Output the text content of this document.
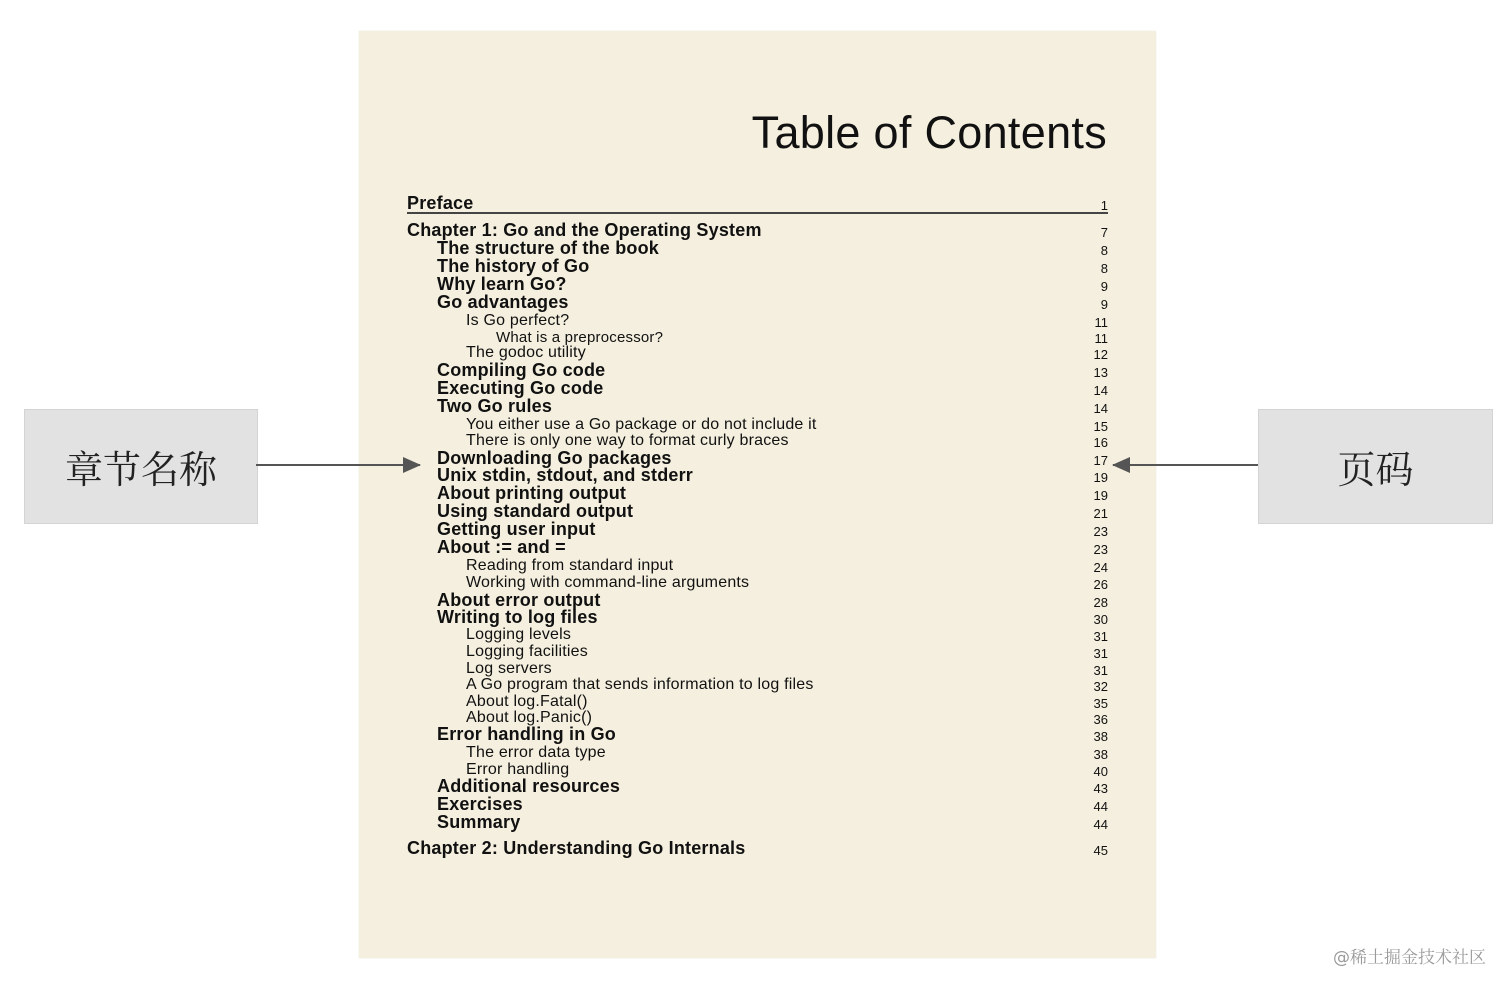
Table of Contents
Preface	1
Chapter 1: Go and the Operating System	7
The structure of the book	8
The history of Go	8
Why learn Go?	9
Go advantages	9
Is Go perfect?	11
What is a preprocessor?	11
The godoc utility	12
Compiling Go code	13
Executing Go code	14
Two Go rules	14
You either use a Go package or do not include it	15
There is only one way to format curly braces	16
Downloading Go packages	17
Unix stdin, stdout, and stderr	19
About printing output	19
Using standard output	21
Getting user input	23
About := and =	23
Reading from standard input	24
Working with command-line arguments	26
About error output	28
Writing to log files	30
Logging levels	31
Logging facilities	31
Log servers	31
A Go program that sends information to log files	32
About log.Fatal()	35
About log.Panic()	36
Error handling in Go	38
The error data type	38
Error handling	40
Additional resources	43
Exercises	44
Summary	44
Chapter 2: Understanding Go Internals	45
章节名称	页码
@稀土掘金技术社区
